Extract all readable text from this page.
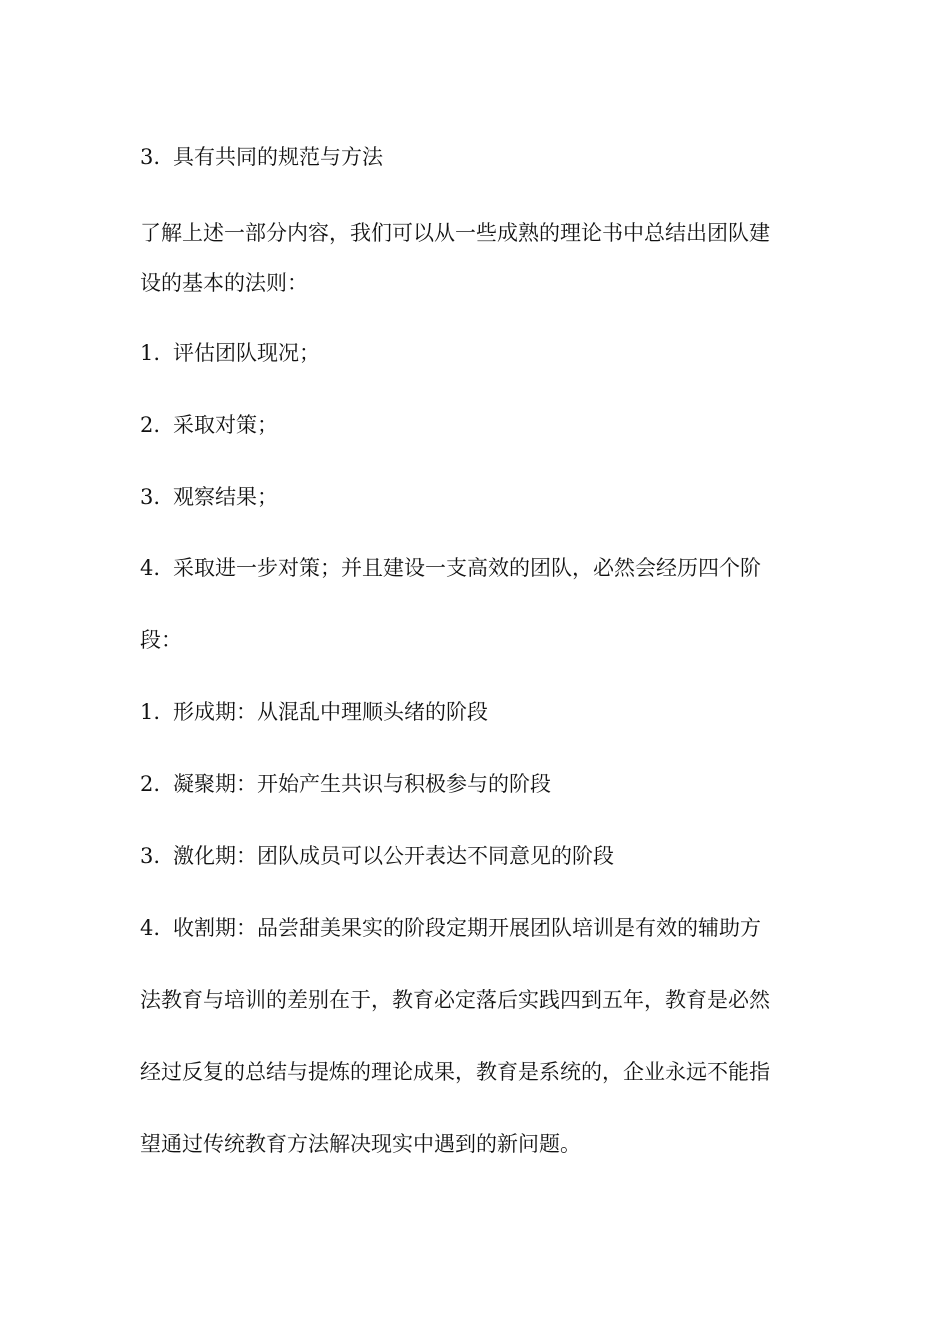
3. 具有共同的规范与方法
了解上述一部分内容，我们可以从一些成熟的理论书中总结出团队建
设的基本的法则：
1. 评估团队现况；
2. 采取对策；
3. 观察结果；
4. 采取进一步对策；并且建设一支高效的团队，必然会经历四个阶
段：
1. 形成期：从混乱中理顺头绪的阶段
2. 凝聚期：开始产生共识与积极参与的阶段
3. 激化期：团队成员可以公开表达不同意见的阶段
4. 收割期：品尝甜美果实的阶段定期开展团队培训是有效的辅助方
法教育与培训的差别在于，教育必定落后实践四到五年，教育是必然
经过反复的总结与提炼的理论成果，教育是系统的，企业永远不能指
望通过传统教育方法解决现实中遇到的新问题。
